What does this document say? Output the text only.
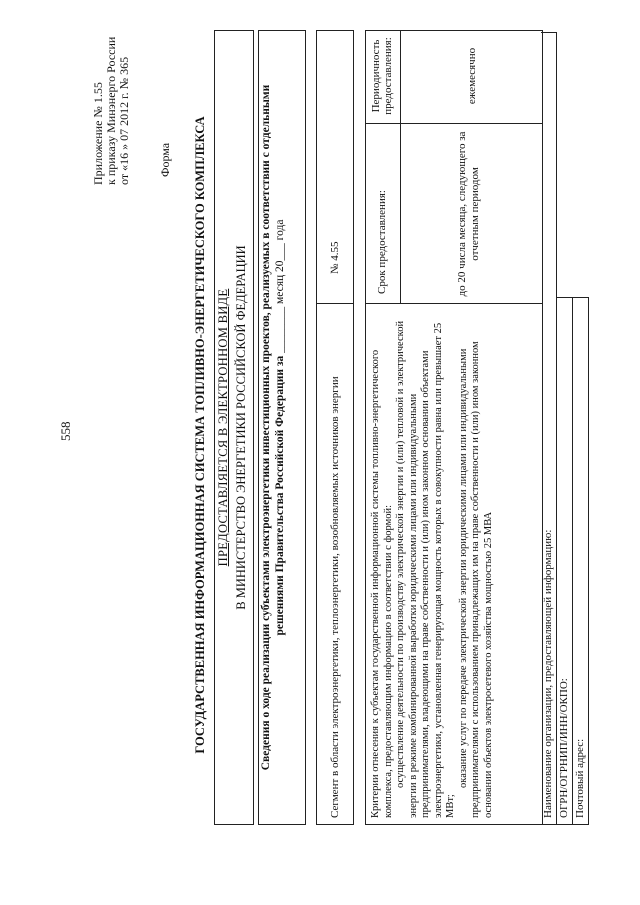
558
Приложение № 1.55 к приказу Минэнерго России от «16 » 07 2012 г. № 365 Форма ГОСУДАРСТВЕННАЯ ИНФОРМАЦИОННАЯ СИСТЕМА ТОПЛИВНО-ЭНЕРГЕТИЧЕСКОГО КОМПЛЕКСА ПРЕДОСТАВЛЯЕТСЯ В ЭЛЕКТРОННОМ ВИДЕ В МИНИСТЕРСТВО ЭНЕРГЕТИКИ РОССИЙСКОЙ ФЕДЕРАЦИИ Сведения о ходе реализации субъектами электроэнергетики инвестиционных проектов, реализуемых в соответствии с отдельными решениями Правительства Российской Федерации за ________ месяц 20___ года
Сегмент в области электроэнергетики, теплоэнергетики, возобновляемых источников энергии
№ 4.55

Критерии отнесения к субъектам государственной информационной системы топливно-энергетического комплекса, предоставляющим информацию в соответствии с формой: осуществление деятельности по производству электрической энергии и (или) тепловой и электрической энергии в режиме комбинированной выработки юридическими лицами или индивидуальными предпринимателями, владеющими на праве собственности и (или) ином законном основании объектами электроэнергетики, установленная генерирующая мощность которых в совокупности равна или превышает 25 МВт;

оказание услуг по передаче электрической энергии юридическими лицами или индивидуальными предпринимателями с использованием принадлежащих им на праве собственности и (или) ином законном основании объектов электросетевого хозяйства мощностью 25 МВА

Срок предоставления:
Периодичность предоставления:
до 20 числа месяца, следующего за отчетным периодом
ежемесячно
Наименование организации, предоставляющей информацию: ОГРН/ОГРНИП/ИНН/ОКПО: Почтовый адрес:
